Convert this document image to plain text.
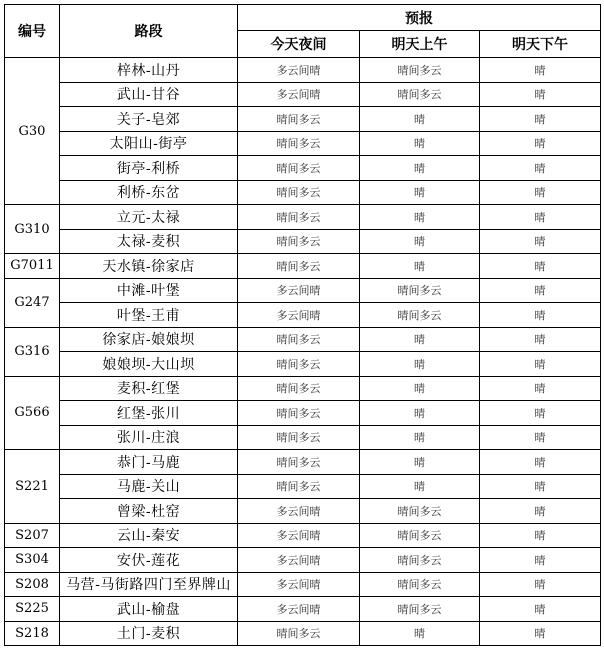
编号	路段	预报		
		今天夜间	明天上午	明天下午
G30	梓林-山丹	多云间晴	晴间多云	晴
	武山-甘谷	多云间晴	晴间多云	晴
	关子-皂郊	晴间多云	晴	晴
	太阳山-街亭	晴间多云	晴	晴
	街亭-利桥	晴间多云	晴	晴
	利桥-东岔	晴间多云	晴	晴
G310	立元-太禄	晴间多云	晴	晴
	太禄-麦积	晴间多云	晴	晴
G7011	天水镇-徐家店	晴间多云	晴	晴
G247	中滩-叶堡	多云间晴	晴间多云	晴
	叶堡-王甫	多云间晴	晴间多云	晴
G316	徐家店-娘娘坝	晴间多云	晴	晴
	娘娘坝-大山坝	晴间多云	晴	晴
G566	麦积-红堡	晴间多云	晴	晴
	红堡-张川	晴间多云	晴	晴
	张川-庄浪	晴间多云	晴	晴
S221	恭门-马鹿	晴间多云	晴	晴
	马鹿-关山	晴间多云	晴	晴
	曾梁-杜窑	多云间晴	晴间多云	晴
S207	云山-秦安	多云间晴	晴间多云	晴
S304	安伏-莲花	多云间晴	晴间多云	晴
S208	马营-马街路四门至界牌山	多云间晴	晴间多云	晴
S225	武山-榆盘	多云间晴	晴间多云	晴
S218	土门-麦积	晴间多云	晴	晴
